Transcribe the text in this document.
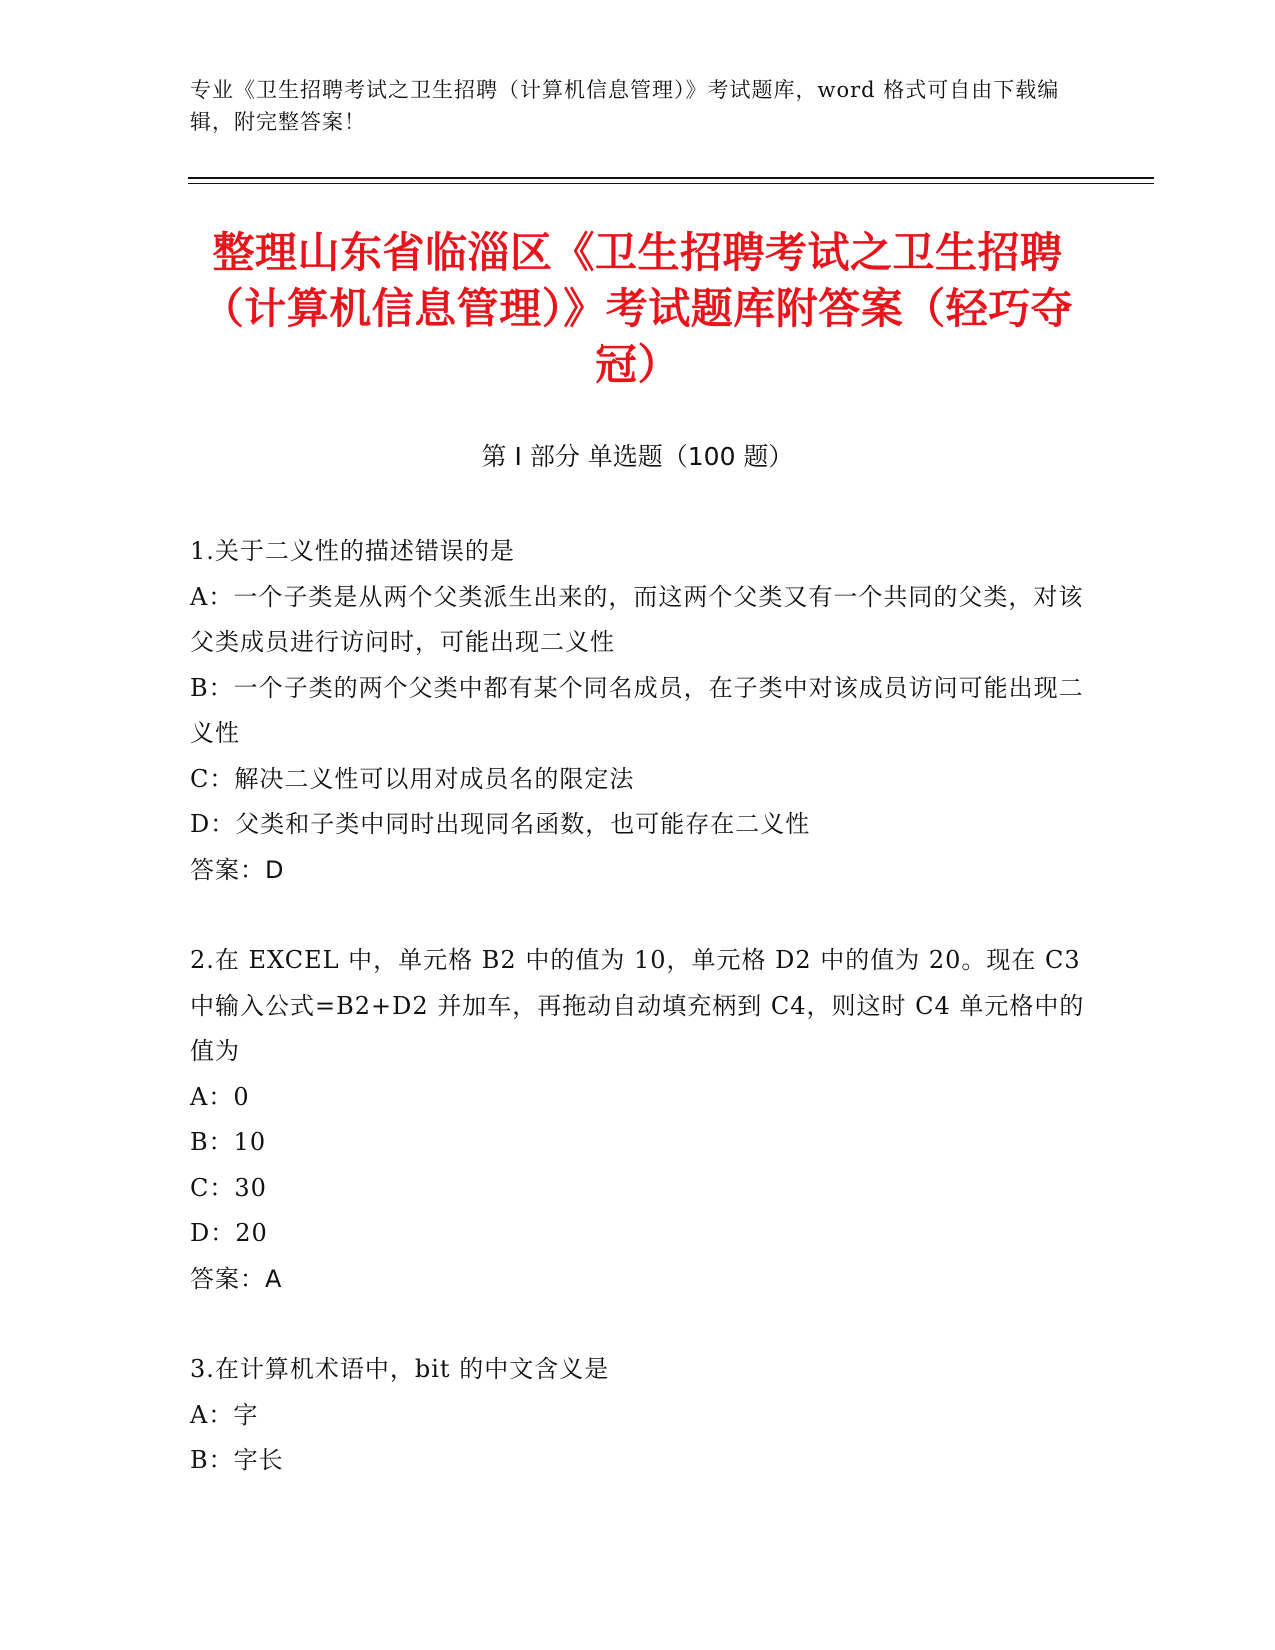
专业《卫生招聘考试之卫生招聘（计算机信息管理）》考试题库，word 格式可自由下载编辑，附完整答案！
整理山东省临淄区《卫生招聘考试之卫生招聘（计算机信息管理）》考试题库附答案（轻巧夺冠）
第 I 部分 单选题（100 题）

1.关于二义性的描述错误的是

A：一个子类是从两个父类派生出来的，而这两个父类又有一个共同的父类，对该父类成员进行访问时，可能出现二义性

B：一个子类的两个父类中都有某个同名成员，在子类中对该成员访问可能出现二义性

C：解决二义性可以用对成员名的限定法

D：父类和子类中同时出现同名函数，也可能存在二义性

答案：D

2.在 EXCEL 中，单元格 B2 中的值为 10，单元格 D2 中的值为 20。现在 C3 中输入公式=B2+D2 并加车，再拖动自动填充柄到 C4，则这时 C4 单元格中的值为

A：0

B：10

C：30

D：20

答案：A

3.在计算机术语中，bit 的中文含义是

A：字

B：字长
